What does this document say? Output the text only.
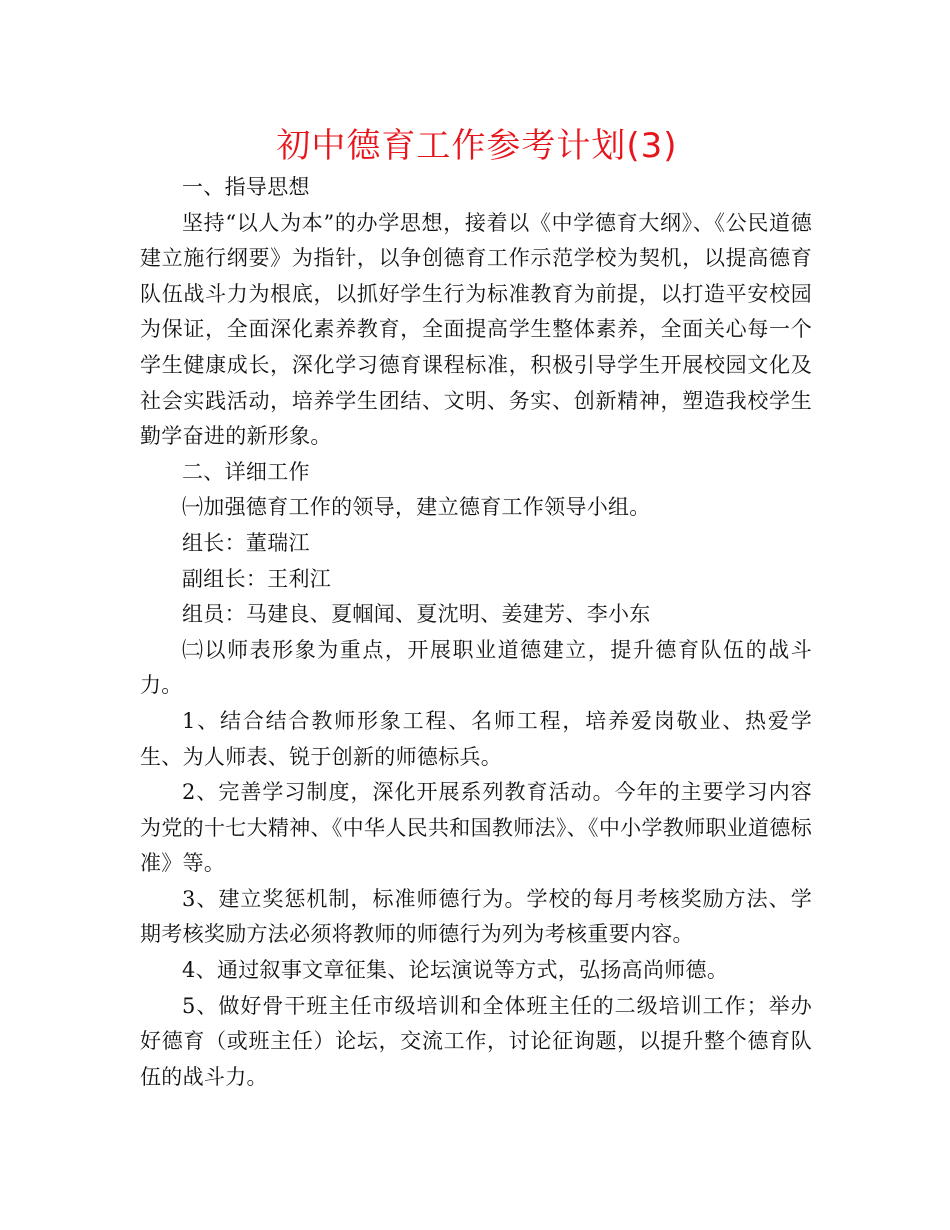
初中德育工作参考计划(3)

一、指导思想

坚持“以人为本”的办学思想，接着以《中学德育大纲》、《公民道德建立施行纲要》为指针，以争创德育工作示范学校为契机，以提高德育队伍战斗力为根底，以抓好学生行为标准教育为前提，以打造平安校园为保证，全面深化素养教育，全面提高学生整体素养，全面关心每一个学生健康成长，深化学习德育课程标准，积极引导学生开展校园文化及社会实践活动，培养学生团结、文明、务实、创新精神，塑造我校学生勤学奋进的新形象。

二、详细工作

㈠加强德育工作的领导，建立德育工作领导小组。

组长：董瑞江

副组长：王利江

组员：马建良、夏帼闻、夏沈明、姜建芳、李小东

㈡以师表形象为重点，开展职业道德建立，提升德育队伍的战斗力。

1、结合结合教师形象工程、名师工程，培养爱岗敬业、热爱学生、为人师表、锐于创新的师德标兵。

2、完善学习制度，深化开展系列教育活动。今年的主要学习内容为党的十七大精神、《中华人民共和国教师法》、《中小学教师职业道德标准》等。

3、建立奖惩机制，标准师德行为。学校的每月考核奖励方法、学期考核奖励方法必须将教师的师德行为列为考核重要内容。

4、通过叙事文章征集、论坛演说等方式，弘扬高尚师德。

5、做好骨干班主任市级培训和全体班主任的二级培训工作；举办好德育（或班主任）论坛，交流工作，讨论征询题，以提升整个德育队伍的战斗力。
